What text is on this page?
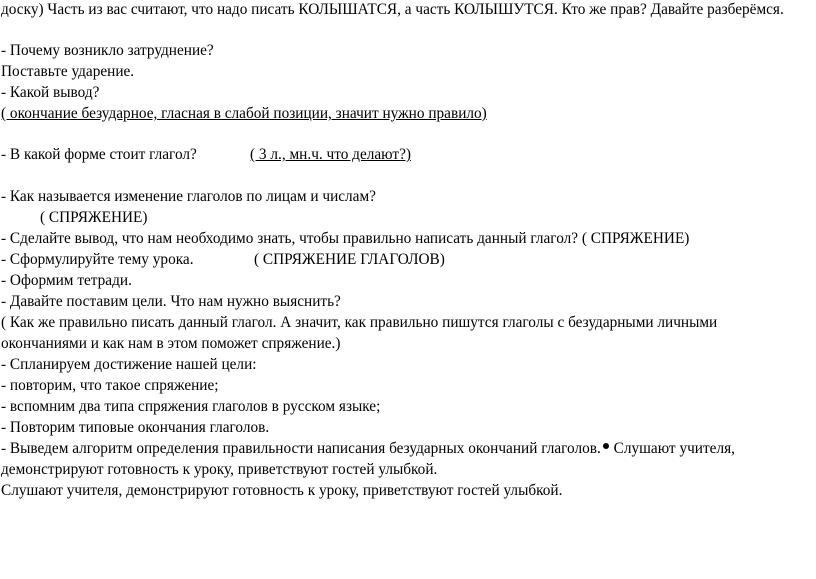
доску) Часть из вас считают, что надо писать КОЛЫШАТСЯ, а часть КОЛЫШУТСЯ. Кто же прав? Давайте разберёмся.
- Почему возникло затруднение?
Поставьте ударение.
- Какой вывод?
( окончание безударное, гласная в слабой позиции, значит нужно правило)
- В какой форме стоит глагол?	( 3 л., мн.ч. что делают?)
- Как называется изменение глаголов по лицам и числам?
( СПРЯЖЕНИЕ)
- Сделайте вывод, что нам необходимо знать, чтобы правильно написать данный глагол? ( СПРЯЖЕНИЕ)
- Сформулируйте тему урока.	( СПРЯЖЕНИЕ ГЛАГОЛОВ)
- Оформим тетради.
- Давайте поставим цели. Что нам нужно выяснить?
( Как же правильно писать данный глагол. А значит, как правильно пишутся глаголы с безударными личными
окончаниями и как нам в этом поможет спряжение.)
- Спланируем достижение нашей цели:
- повторим, что такое спряжение;
- вспомним два типа спряжения глаголов в русском языке;
- Повторим типовые окончания глаголов.
- Выведем алгоритм определения правильности написания безударных окончаний глаголов. Слушают учителя,
демонстрируют готовность к уроку, приветствуют гостей улыбкой.
Слушают учителя, демонстрируют готовность к уроку, приветствуют гостей улыбкой.
